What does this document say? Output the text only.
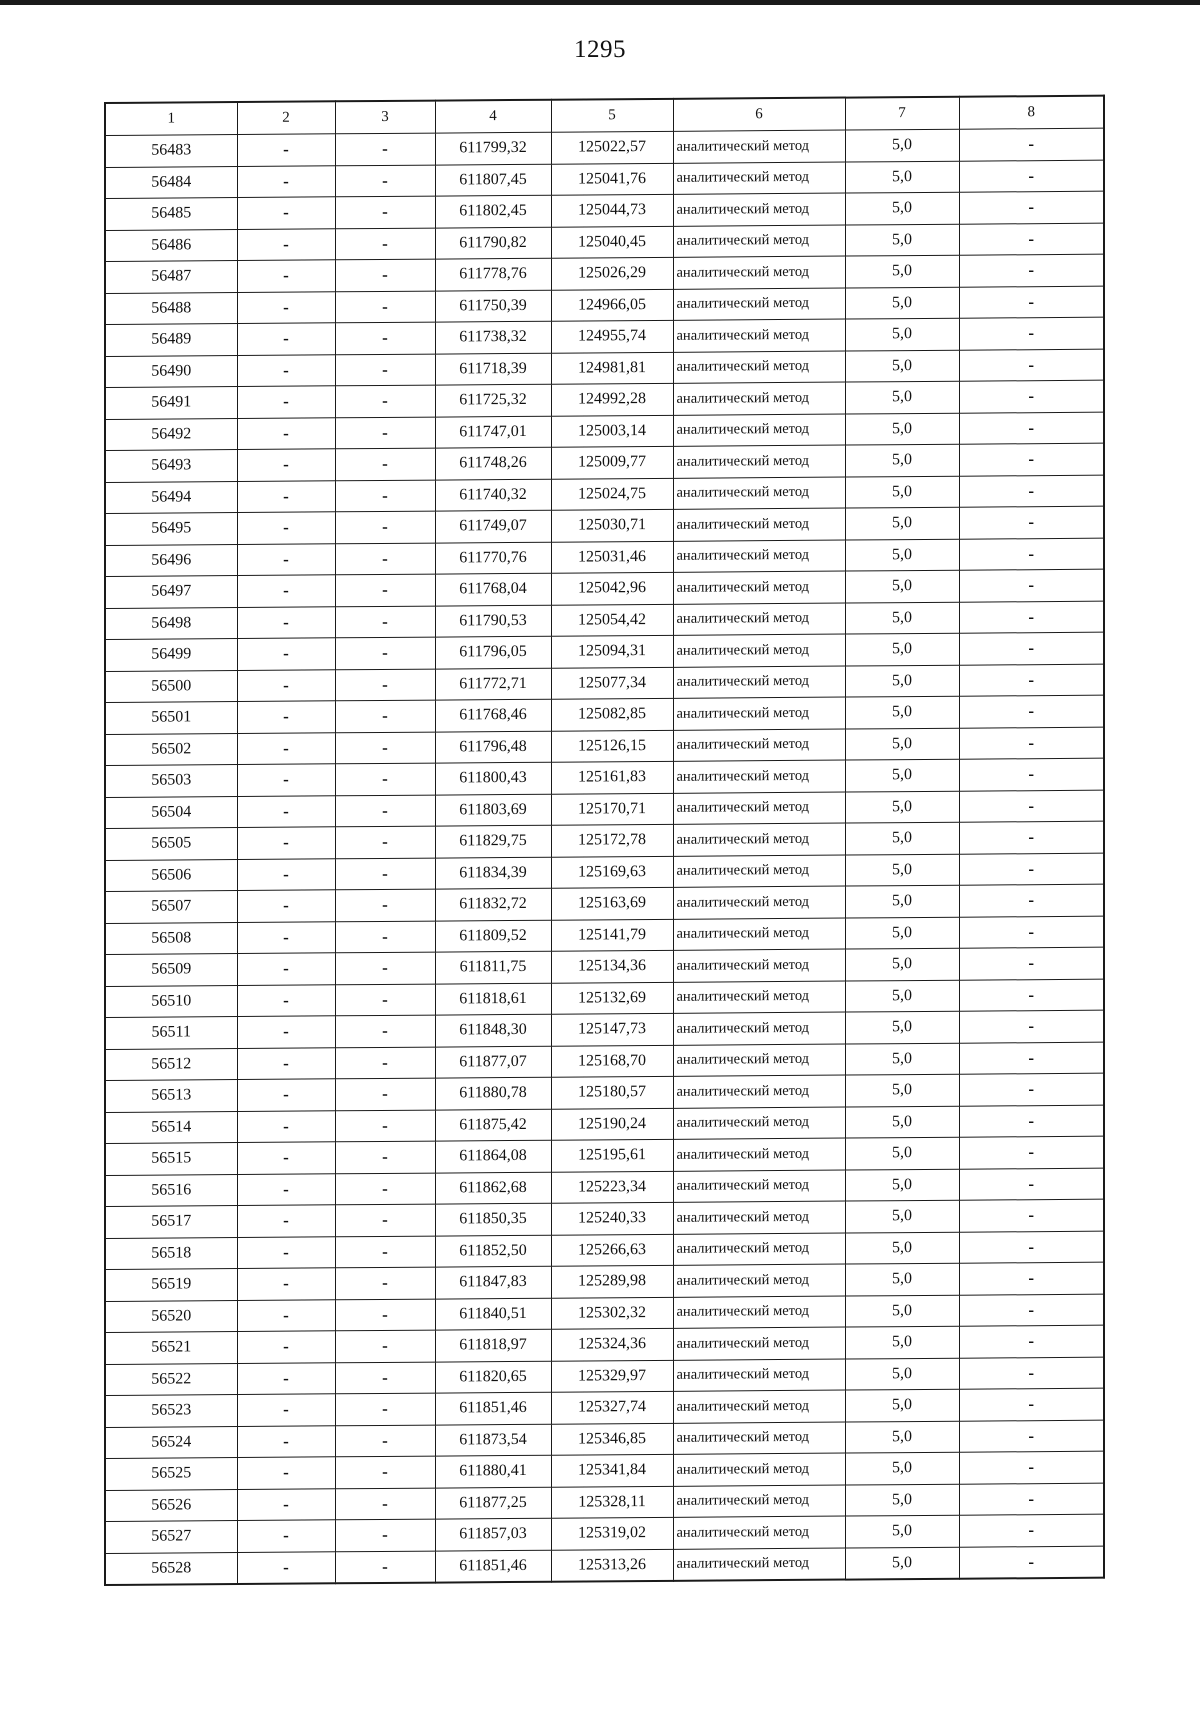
1295
1	2	3	4	5	6	7	8
56483	-	-	611799,32	125022,57	аналитический метод	5,0	-
56484	-	-	611807,45	125041,76	аналитический метод	5,0	-
56485	-	-	611802,45	125044,73	аналитический метод	5,0	-
56486	-	-	611790,82	125040,45	аналитический метод	5,0	-
56487	-	-	611778,76	125026,29	аналитический метод	5,0	-
56488	-	-	611750,39	124966,05	аналитический метод	5,0	-
56489	-	-	611738,32	124955,74	аналитический метод	5,0	-
56490	-	-	611718,39	124981,81	аналитический метод	5,0	-
56491	-	-	611725,32	124992,28	аналитический метод	5,0	-
56492	-	-	611747,01	125003,14	аналитический метод	5,0	-
56493	-	-	611748,26	125009,77	аналитический метод	5,0	-
56494	-	-	611740,32	125024,75	аналитический метод	5,0	-
56495	-	-	611749,07	125030,71	аналитический метод	5,0	-
56496	-	-	611770,76	125031,46	аналитический метод	5,0	-
56497	-	-	611768,04	125042,96	аналитический метод	5,0	-
56498	-	-	611790,53	125054,42	аналитический метод	5,0	-
56499	-	-	611796,05	125094,31	аналитический метод	5,0	-
56500	-	-	611772,71	125077,34	аналитический метод	5,0	-
56501	-	-	611768,46	125082,85	аналитический метод	5,0	-
56502	-	-	611796,48	125126,15	аналитический метод	5,0	-
56503	-	-	611800,43	125161,83	аналитический метод	5,0	-
56504	-	-	611803,69	125170,71	аналитический метод	5,0	-
56505	-	-	611829,75	125172,78	аналитический метод	5,0	-
56506	-	-	611834,39	125169,63	аналитический метод	5,0	-
56507	-	-	611832,72	125163,69	аналитический метод	5,0	-
56508	-	-	611809,52	125141,79	аналитический метод	5,0	-
56509	-	-	611811,75	125134,36	аналитический метод	5,0	-
56510	-	-	611818,61	125132,69	аналитический метод	5,0	-
56511	-	-	611848,30	125147,73	аналитический метод	5,0	-
56512	-	-	611877,07	125168,70	аналитический метод	5,0	-
56513	-	-	611880,78	125180,57	аналитический метод	5,0	-
56514	-	-	611875,42	125190,24	аналитический метод	5,0	-
56515	-	-	611864,08	125195,61	аналитический метод	5,0	-
56516	-	-	611862,68	125223,34	аналитический метод	5,0	-
56517	-	-	611850,35	125240,33	аналитический метод	5,0	-
56518	-	-	611852,50	125266,63	аналитический метод	5,0	-
56519	-	-	611847,83	125289,98	аналитический метод	5,0	-
56520	-	-	611840,51	125302,32	аналитический метод	5,0	-
56521	-	-	611818,97	125324,36	аналитический метод	5,0	-
56522	-	-	611820,65	125329,97	аналитический метод	5,0	-
56523	-	-	611851,46	125327,74	аналитический метод	5,0	-
56524	-	-	611873,54	125346,85	аналитический метод	5,0	-
56525	-	-	611880,41	125341,84	аналитический метод	5,0	-
56526	-	-	611877,25	125328,11	аналитический метод	5,0	-
56527	-	-	611857,03	125319,02	аналитический метод	5,0	-
56528	-	-	611851,46	125313,26	аналитический метод	5,0	-
